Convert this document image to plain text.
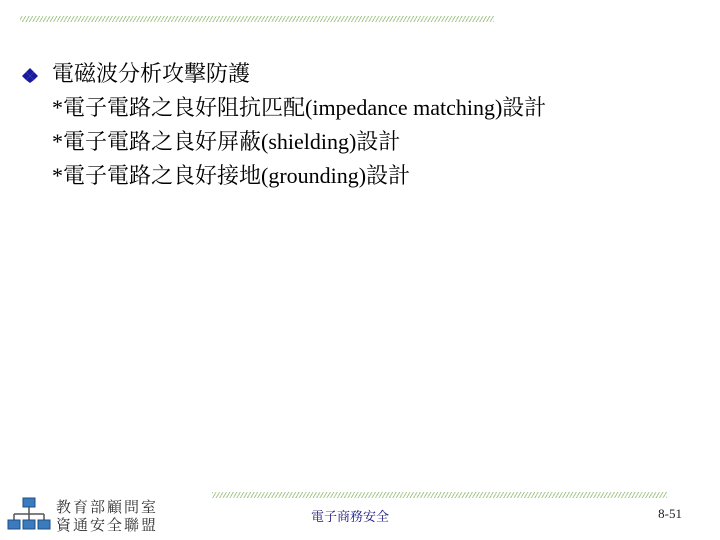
電磁波分析攻擊防護
*電子電路之良好阻抗匹配(impedance matching)設計
*電子電路之良好屏蔽(shielding)設計
*電子電路之良好接地(grounding)設計
教育部顧問室
資通安全聯盟	電子商務安全	8-51
